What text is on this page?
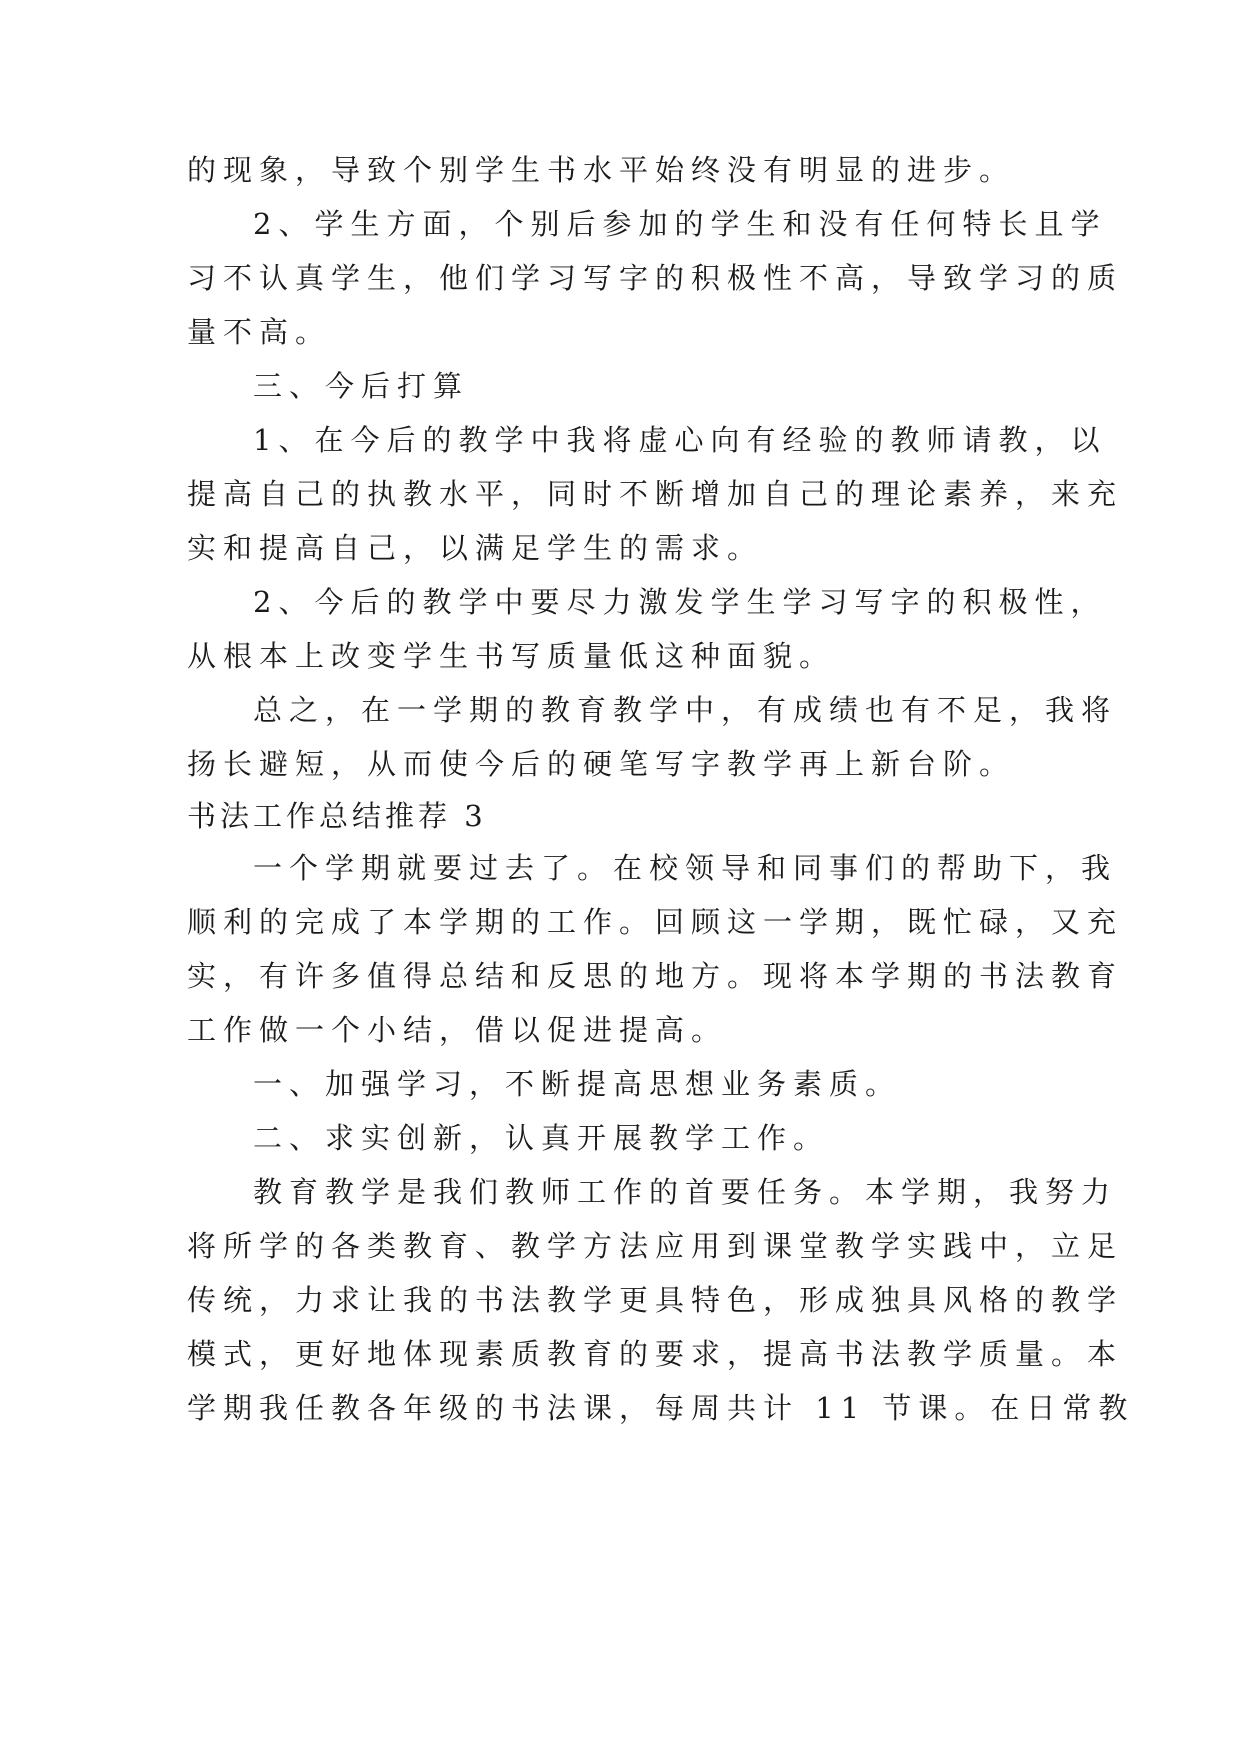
的现象，导致个别学生书水平始终没有明显的进步。
2、学生方面，个别后参加的学生和没有任何特长且学
习不认真学生，他们学习写字的积极性不高，导致学习的质
量不高。
三、今后打算
1、在今后的教学中我将虚心向有经验的教师请教，以
提高自己的执教水平，同时不断增加自己的理论素养，来充
实和提高自己，以满足学生的需求。
2、今后的教学中要尽力激发学生学习写字的积极性，
从根本上改变学生书写质量低这种面貌。
总之，在一学期的教育教学中，有成绩也有不足，我将
扬长避短，从而使今后的硬笔写字教学再上新台阶。
书法工作总结推荐 3
一个学期就要过去了。在校领导和同事们的帮助下，我
顺利的完成了本学期的工作。回顾这一学期，既忙碌，又充
实，有许多值得总结和反思的地方。现将本学期的书法教育
工作做一个小结，借以促进提高。
一、加强学习，不断提高思想业务素质。
二、求实创新，认真开展教学工作。
教育教学是我们教师工作的首要任务。本学期，我努力
将所学的各类教育、教学方法应用到课堂教学实践中，立足
传统，力求让我的书法教学更具特色，形成独具风格的教学
模式，更好地体现素质教育的要求，提高书法教学质量。本
学期我任教各年级的书法课，每周共计 11 节课。在日常教
